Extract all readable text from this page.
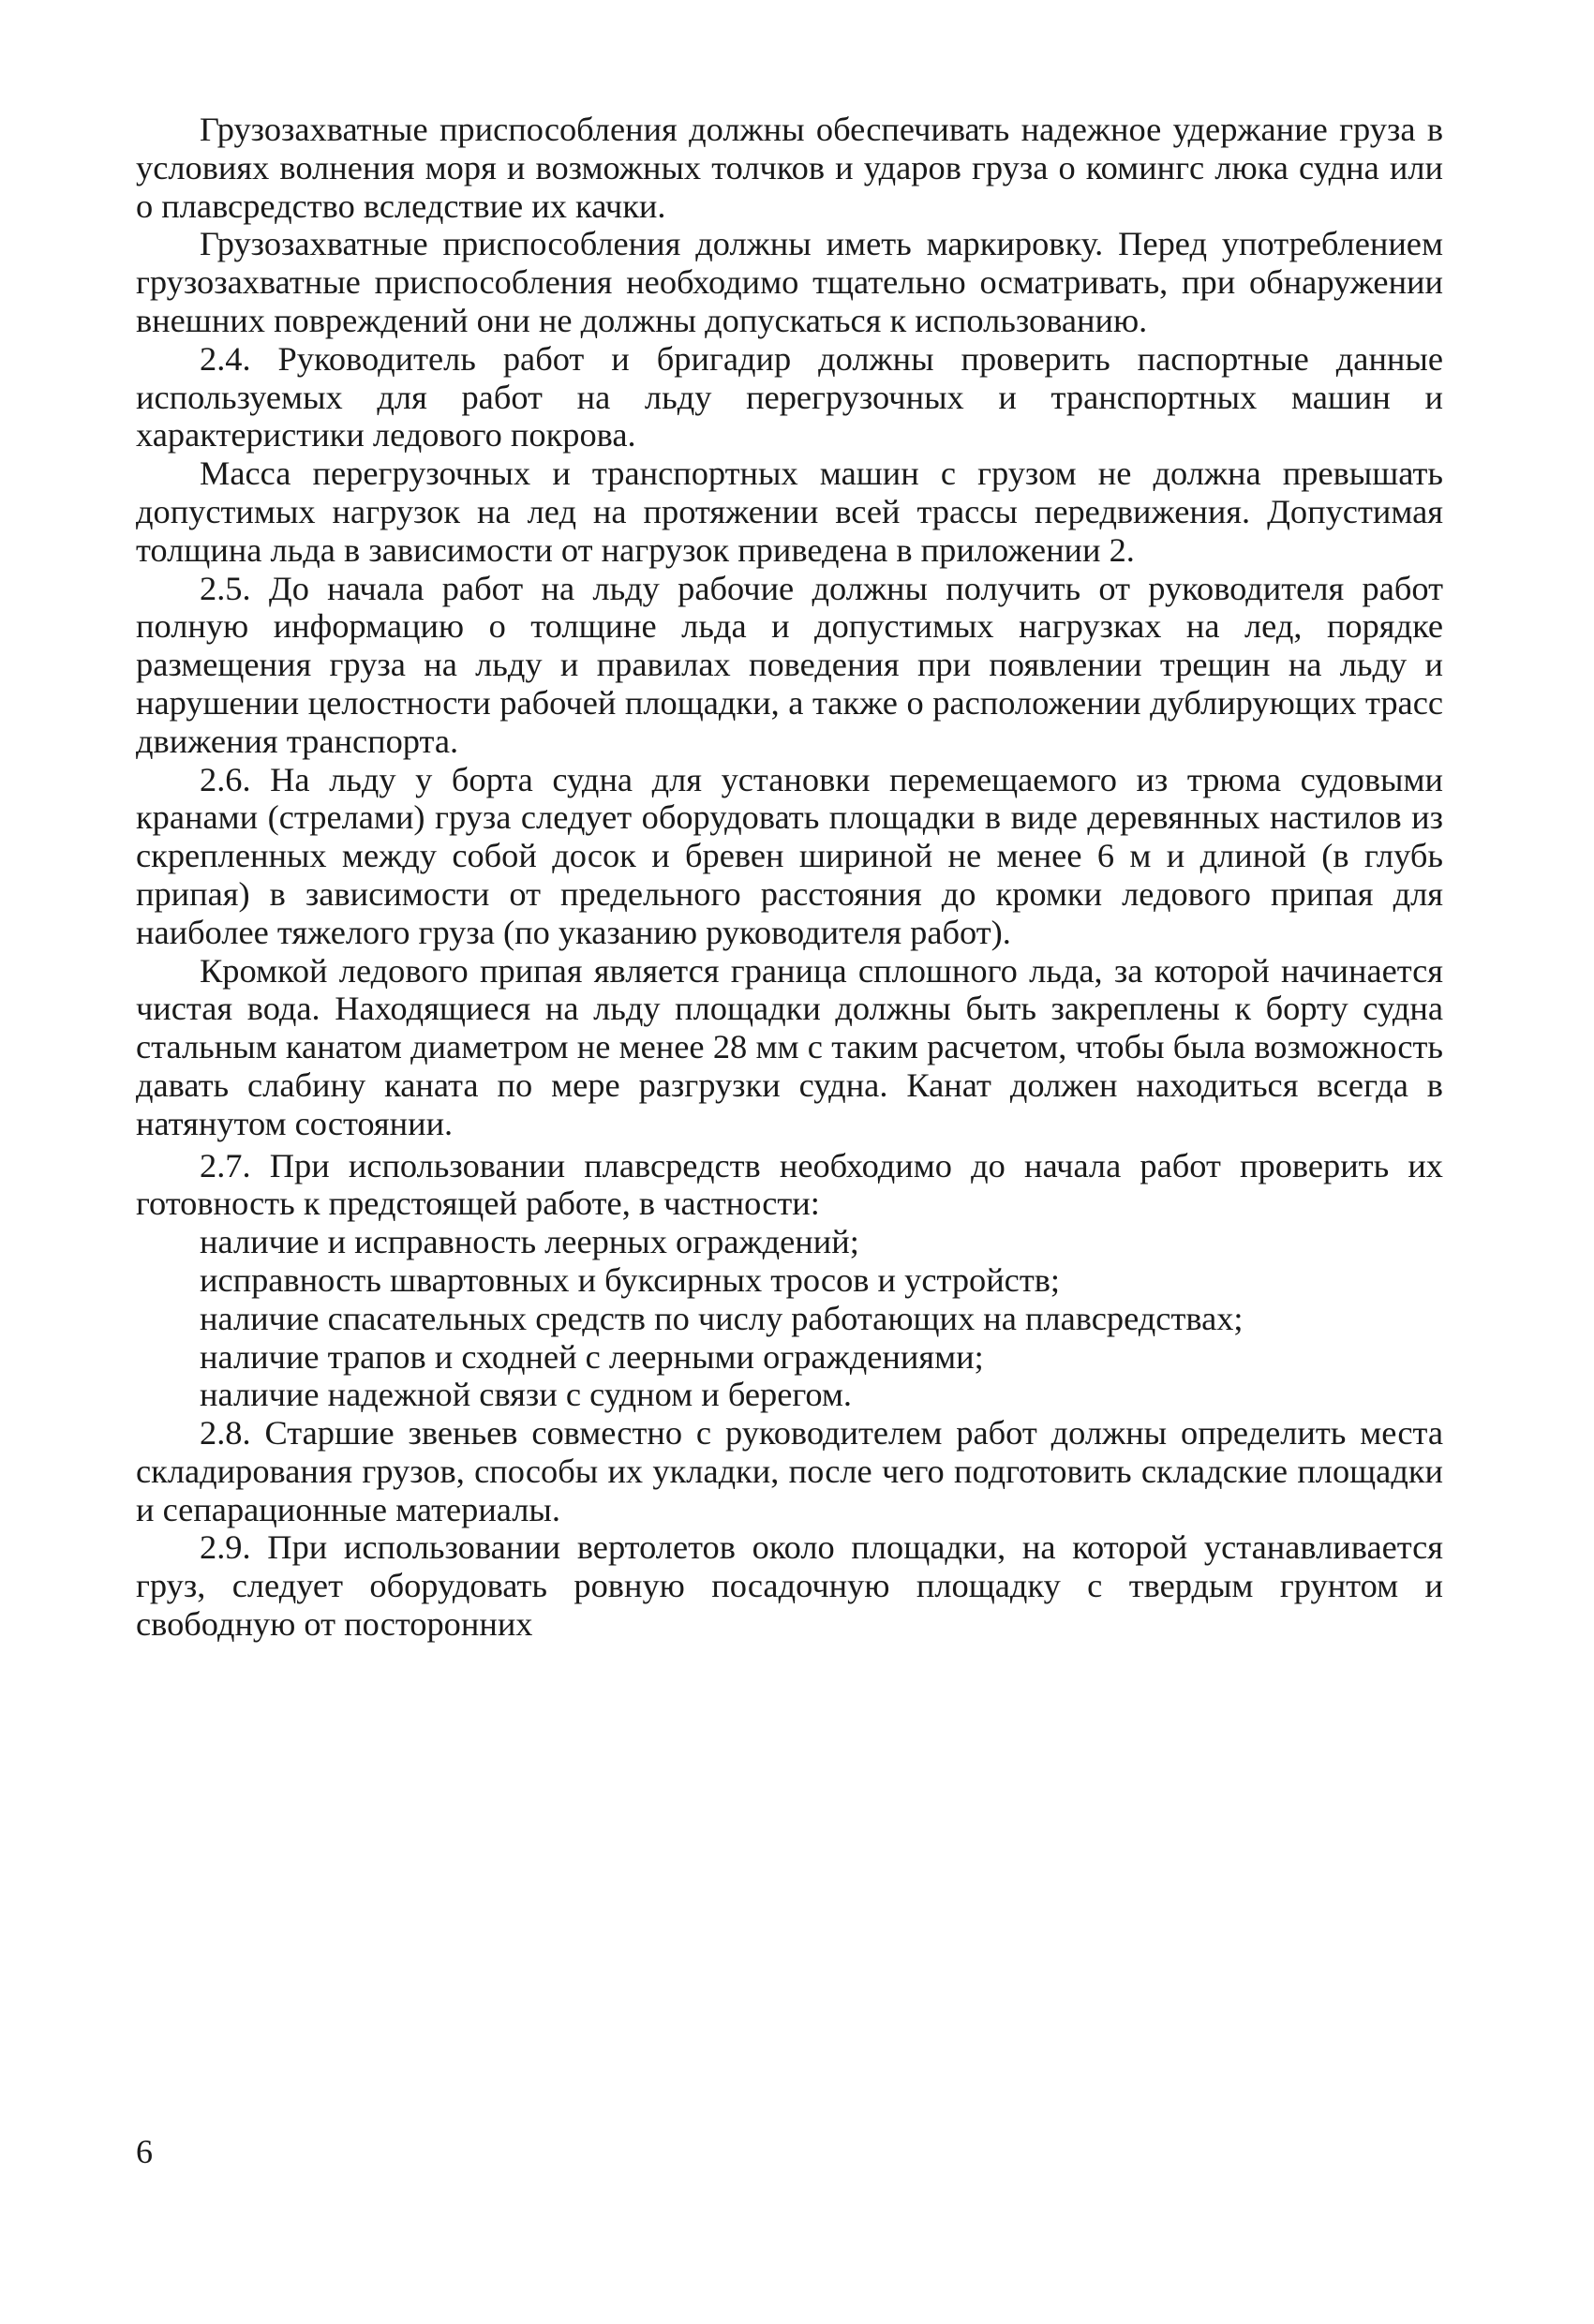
Грузозахватные приспособления должны обеспечивать надежное удержание груза в условиях волнения моря и возможных толчков и ударов груза о комингс люка судна или о плавсредство вследствие их качки.

Грузозахватные приспособления должны иметь маркировку. Перед употреблением грузозахватные приспособления необходимо тщательно осматривать, при обнаружении внешних повреждений они не должны допускаться к использованию.

2.4. Руководитель работ и бригадир должны проверить паспортные данные используемых для работ на льду перегрузочных и транспортных машин и характеристики ледового покрова.

Масса перегрузочных и транспортных машин с грузом не должна превышать допустимых нагрузок на лед на протяжении всей трассы передвижения. Допустимая толщина льда в зависимости от нагрузок приведена в приложении 2.

2.5. До начала работ на льду рабочие должны получить от руководителя работ полную информацию о толщине льда и допустимых нагрузках на лед, порядке размещения груза на льду и правилах поведения при появлении трещин на льду и нарушении целостности рабочей площадки, а также о расположении дублирующих трасс движения транспорта.

2.6. На льду у борта судна для установки перемещаемого из трюма судовыми кранами (стрелами) груза следует оборудовать площадки в виде деревянных настилов из скрепленных между собой досок и бревен шириной не менее 6 м и длиной (в глубь припая) в зависимости от предельного расстояния до кромки ледового припая для наиболее тяжелого груза (по указанию руководителя работ).

Кромкой ледового припая является граница сплошного льда, за которой начинается чистая вода. Находящиеся на льду площадки должны быть закреплены к борту судна стальным канатом диаметром не менее 28 мм с таким расчетом, чтобы была возможность давать слабину каната по мере разгрузки судна. Канат должен находиться всегда в натянутом состоянии.

2.7. При использовании плавсредств необходимо до начала работ проверить их готовность к предстоящей работе, в частности:

наличие и исправность леерных ограждений;

исправность швартовных и буксирных тросов и устройств;

наличие спасательных средств по числу работающих на плавсредствах;

наличие трапов и сходней с леерными ограждениями;

наличие надежной связи с судном и берегом.

2.8. Старшие звеньев совместно с руководителем работ должны определить места складирования грузов, способы их укладки, после чего подготовить складские площадки и сепарационные материалы.

2.9. При использовании вертолетов около площадки, на которой устанавливается груз, следует оборудовать ровную посадочную площадку с твердым грунтом и свободную от посторонних

6
